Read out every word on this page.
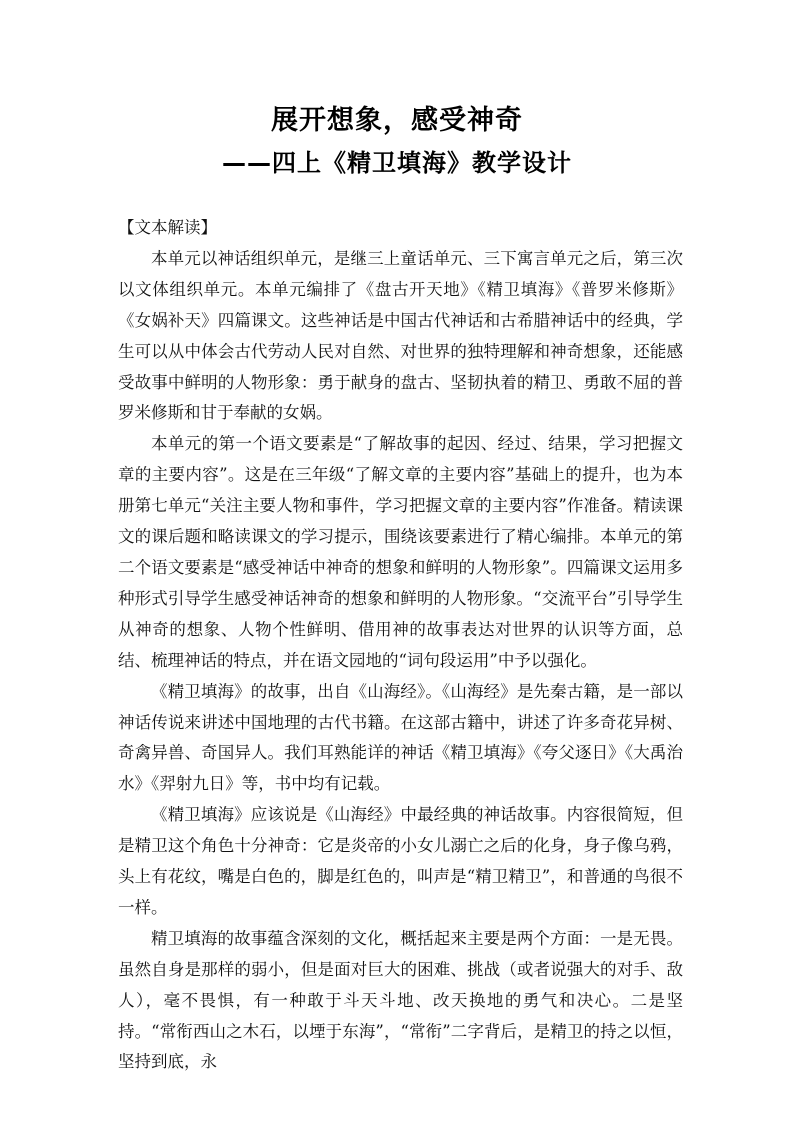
展开想象，感受神奇
——四上《精卫填海》教学设计

【文本解读】

本单元以神话组织单元，是继三上童话单元、三下寓言单元之后，第三次以文体组织单元。本单元编排了《盘古开天地》《精卫填海》《普罗米修斯》《女娲补天》四篇课文。这些神话是中国古代神话和古希腊神话中的经典，学生可以从中体会古代劳动人民对自然、对世界的独特理解和神奇想象，还能感受故事中鲜明的人物形象：勇于献身的盘古、坚韧执着的精卫、勇敢不屈的普罗米修斯和甘于奉献的女娲。

本单元的第一个语文要素是“了解故事的起因、经过、结果，学习把握文章的主要内容”。这是在三年级“了解文章的主要内容”基础上的提升，也为本册第七单元“关注主要人物和事件，学习把握文章的主要内容”作准备。精读课文的课后题和略读课文的学习提示，围绕该要素进行了精心编排。本单元的第二个语文要素是“感受神话中神奇的想象和鲜明的人物形象”。四篇课文运用多种形式引导学生感受神话神奇的想象和鲜明的人物形象。“交流平台”引导学生从神奇的想象、人物个性鲜明、借用神的故事表达对世界的认识等方面，总结、梳理神话的特点，并在语文园地的“词句段运用”中予以强化。

《精卫填海》的故事，出自《山海经》。《山海经》是先秦古籍，是一部以神话传说来讲述中国地理的古代书籍。在这部古籍中，讲述了许多奇花异树、奇禽异兽、奇国异人。我们耳熟能详的神话《精卫填海》《夸父逐日》《大禹治水》《羿射九日》等，书中均有记载。

《精卫填海》应该说是《山海经》中最经典的神话故事。内容很简短，但是精卫这个角色十分神奇：它是炎帝的小女儿溺亡之后的化身，身子像乌鸦，头上有花纹，嘴是白色的，脚是红色的，叫声是“精卫精卫”，和普通的鸟很不一样。

精卫填海的故事蕴含深刻的文化，概括起来主要是两个方面：一是无畏。虽然自身是那样的弱小，但是面对巨大的困难、挑战（或者说强大的对手、敌人），毫不畏惧，有一种敢于斗天斗地、改天换地的勇气和决心。二是坚持。“常衔西山之木石，以堙于东海”，“常衔”二字背后，是精卫的持之以恒，坚持到底，永
